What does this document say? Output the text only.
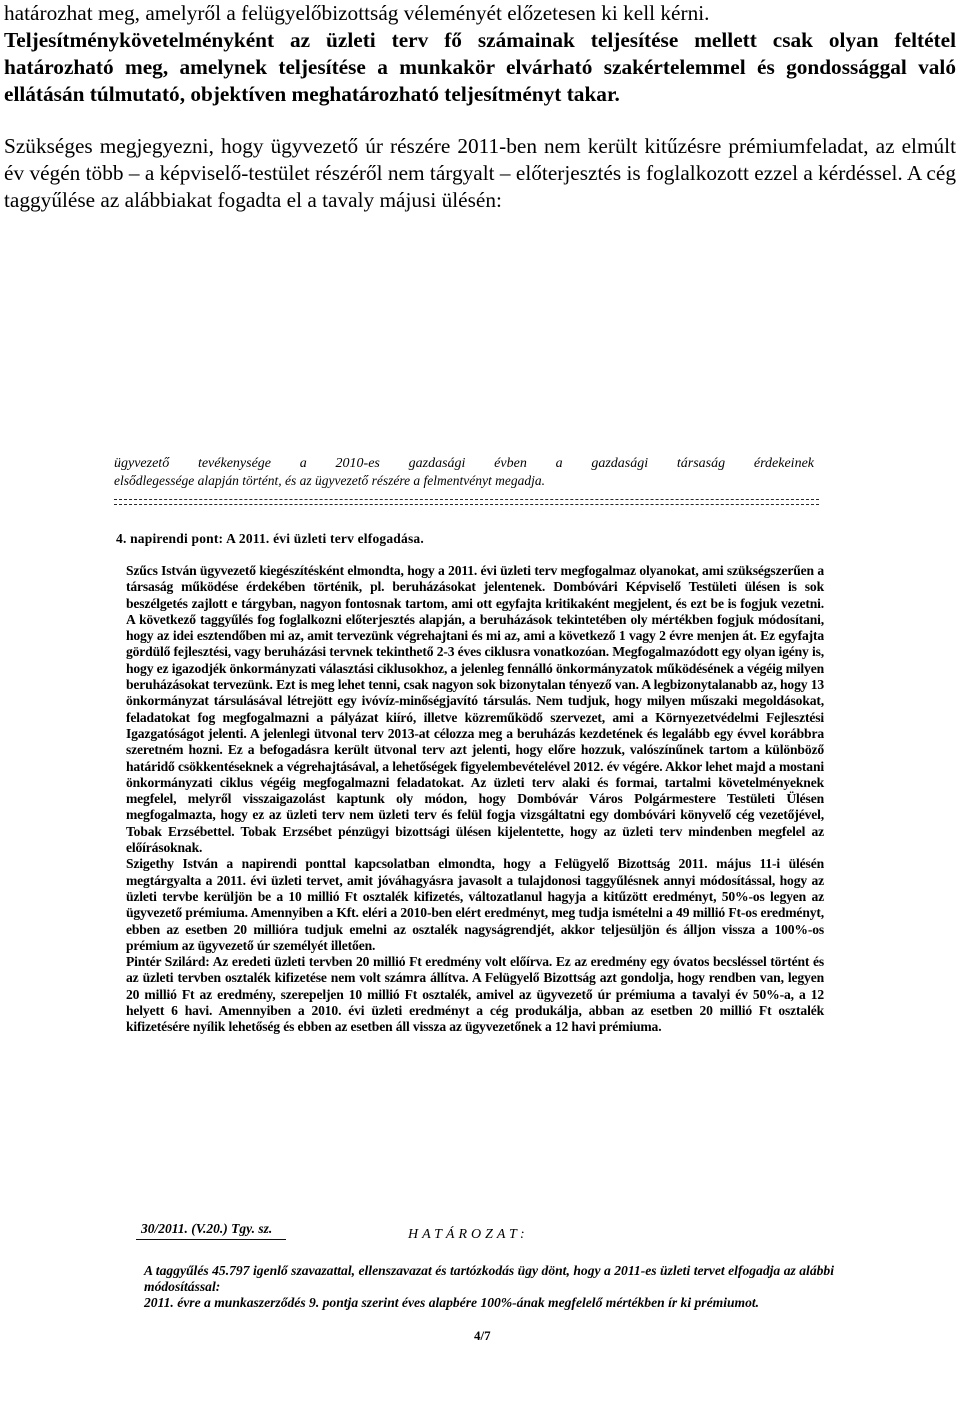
határozhat meg, amelyről a felügyelőbizottság véleményét előzetesen ki kell kérni.

Teljesítménykövetelményként az üzleti terv fő számainak teljesítése mellett csak olyan feltétel határozható meg, amelynek teljesítése a munkakör elvárható szakértelemmel és gondossággal való ellátásán túlmutató, objektíven meghatározható teljesítményt takar.

Szükséges megjegyezni, hogy ügyvezető úr részére 2011-ben nem került kitűzésre prémiumfeladat, az elmúlt év végén több – a képviselő-testület részéről nem tárgyalt – előterjesztés is foglalkozott ezzel a kérdéssel. A cég taggyűlése az alábbiakat fogadta el a tavaly májusi ülésén:

ügyvezető tevékenysége a 2010-es gazdasági évben a gazdasági társaság érdekeinek

elsődlegessége alapján történt, és az ügyvezető részére a felmentvényt megadja.

4. napirendi pont: A 2011. évi üzleti terv elfogadása.

Szűcs István ügyvezető kiegészítésként elmondta, hogy a 2011. évi üzleti terv megfogalmaz olyanokat, ami szükségszerűen a társaság működése érdekében történik, pl. beruházásokat jelentenek. Dombóvári Képviselő Testületi ülésen is sok beszélgetés zajlott e tárgyban, nagyon fontosnak tartom, ami ott egyfajta kritikaként megjelent, és ezt be is fogjuk vezetni. A következő taggyűlés fog foglalkozni előterjesztés alapján, a beruházások tekintetében oly mértékben fogjuk módosítani, hogy az idei esztendőben mi az, amit tervezünk végrehajtani és mi az, ami a következő 1 vagy 2 évre menjen át. Ez egyfajta gördülő fejlesztési, vagy beruházási tervnek tekinthető 2-3 éves ciklusra vonatkozóan. Megfogalmazódott egy olyan igény is, hogy ez igazodjék önkormányzati választási ciklusokhoz, a jelenleg fennálló önkormányzatok működésének a végéig milyen beruházásokat tervezünk. Ezt is meg lehet tenni, csak nagyon sok bizonytalan tényező van. A legbizonytalanabb az, hogy 13 önkormányzat társulásával létrejött egy ivóvíz-minőségjavító társulás. Nem tudjuk, hogy milyen műszaki megoldásokat, feladatokat fog megfogalmazni a pályázat kiíró, illetve közreműködő szervezet, ami a Környezetvédelmi Fejlesztési Igazgatóságot jelenti. A jelenlegi ütvonal terv 2013-at célozza meg a beruházás kezdetének és legalább egy évvel korábbra szeretném hozni. Ez a befogadásra került ütvonal terv azt jelenti, hogy előre hozzuk, valószínűnek tartom a különböző határidő csökkentéseknek a végrehajtásával, a lehetőségek figyelembevételével 2012. év végére. Akkor lehet majd a mostani önkormányzati ciklus végéig megfogalmazni feladatokat. Az üzleti terv alaki és formai, tartalmi követelményeknek megfelel, melyről visszaigazolást kaptunk oly módon, hogy Dombóvár Város Polgármestere Testületi Ülésen megfogalmazta, hogy ez az üzleti terv nem üzleti terv és felül fogja vizsgáltatni egy dombóvári könyvelő cég vezetőjével, Tobak Erzsébettel. Tobak Erzsébet pénzügyi bizottsági ülésen kijelentette, hogy az üzleti terv mindenben megfelel az előírásoknak.

Szigethy István a napirendi ponttal kapcsolatban elmondta, hogy a Felügyelő Bizottság 2011. május 11-i ülésén megtárgyalta a 2011. évi üzleti tervet, amit jóváhagyásra javasolt a tulajdonosi taggyűlésnek annyi módosítással, hogy az üzleti tervbe kerüljön be a 10 millió Ft osztalék kifizetés, változatlanul hagyja a kitűzött eredményt, 50%-os legyen az ügyvezető prémiuma. Amennyiben a Kft. eléri a 2010-ben elért eredményt, meg tudja ismételni a 49 millió Ft-os eredményt, ebben az esetben 20 millióra tudjuk emelni az osztalék nagyságrendjét, akkor teljesüljön és álljon vissza a 100%-os prémium az ügyvezető úr személyét illetően.

Pintér Szilárd: Az eredeti üzleti tervben 20 millió Ft eredmény volt előírva. Ez az eredmény egy óvatos becsléssel történt és az üzleti tervben osztalék kifizetése nem volt számra állítva. A Felügyelő Bizottság azt gondolja, hogy rendben van, legyen 20 millió Ft az eredmény, szerepeljen 10 millió Ft osztalék, amivel az ügyvezető úr prémiuma a tavalyi év 50%-a, a 12 helyett 6 havi. Amennyiben a 2010. évi üzleti eredményt a cég produkálja, abban az esetben 20 millió Ft osztalék kifizetésére nyílik lehetőség és ebben az esetben áll vissza az ügyvezetőnek a 12 havi prémiuma.

30/2011. (V.20.) Tgy. sz.	HATÁROZAT:

A taggyűlés 45.797 igenlő szavazattal, ellenszavazat és tartózkodás ügy dönt, hogy a 2011-es üzleti tervet elfogadja az alábbi módosítással:

2011. évre a munkaszerződés 9. pontja szerint éves alapbére 100%-ának megfelelő mértékben ír ki prémiumot.

4/7
